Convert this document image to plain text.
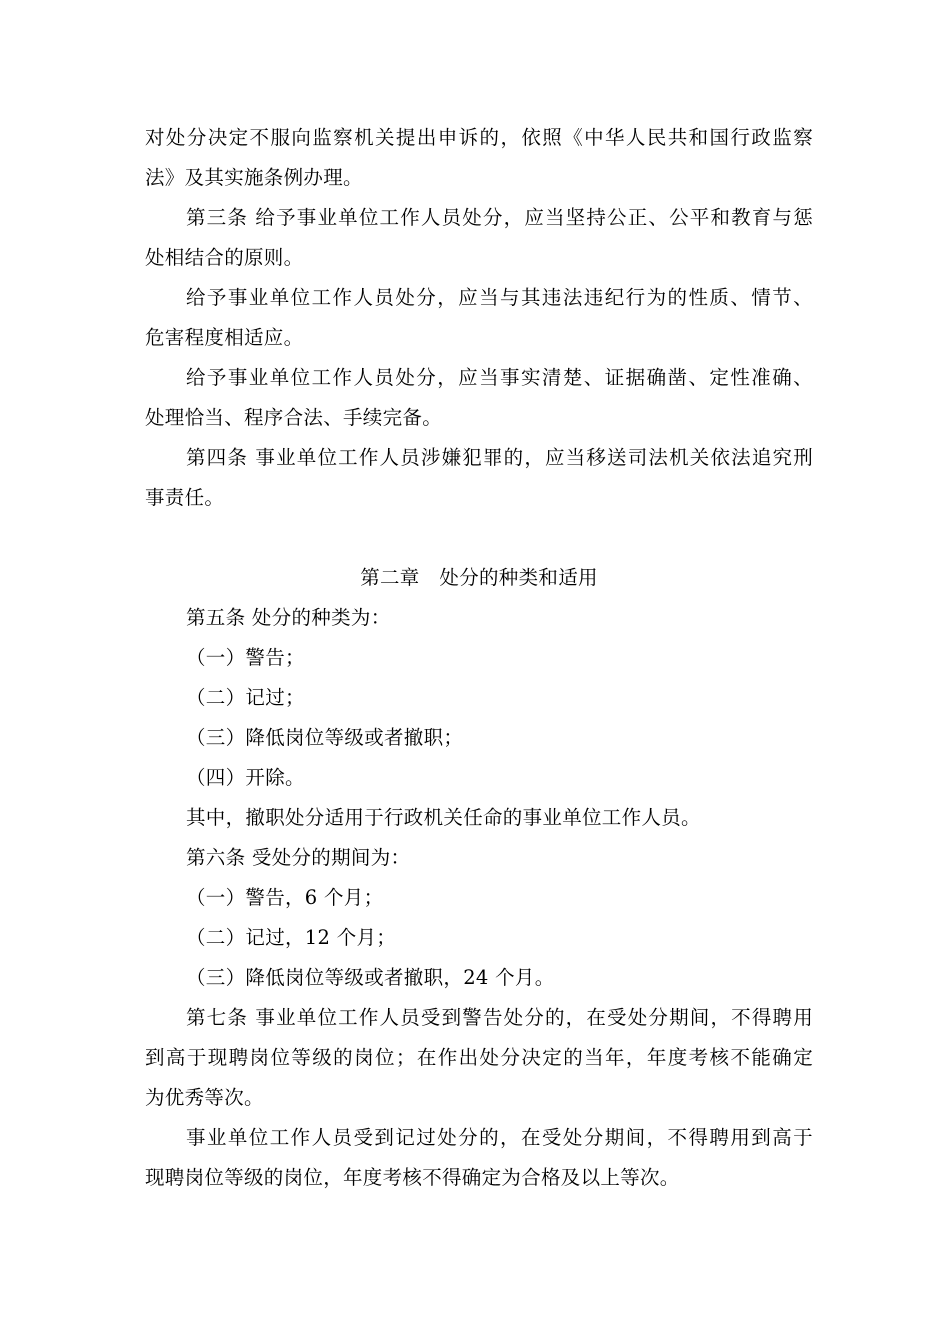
对处分决定不服向监察机关提出申诉的，依照《中华人民共和国行政监察
法》及其实施条例办理。
第三条 给予事业单位工作人员处分，应当坚持公正、公平和教育与惩
处相结合的原则。
给予事业单位工作人员处分，应当与其违法违纪行为的性质、情节、
危害程度相适应。
给予事业单位工作人员处分，应当事实清楚、证据确凿、定性准确、
处理恰当、程序合法、手续完备。
第四条 事业单位工作人员涉嫌犯罪的，应当移送司法机关依法追究刑
事责任。
第二章　处分的种类和适用
第五条 处分的种类为：
（一）警告；
（二）记过；
（三）降低岗位等级或者撤职；
（四）开除。
其中，撤职处分适用于行政机关任命的事业单位工作人员。
第六条 受处分的期间为：
（一）警告，6 个月；
（二）记过，12 个月；
（三）降低岗位等级或者撤职，24 个月。
第七条 事业单位工作人员受到警告处分的，在受处分期间，不得聘用
到高于现聘岗位等级的岗位；在作出处分决定的当年，年度考核不能确定
为优秀等次。
事业单位工作人员受到记过处分的，在受处分期间，不得聘用到高于
现聘岗位等级的岗位，年度考核不得确定为合格及以上等次。
